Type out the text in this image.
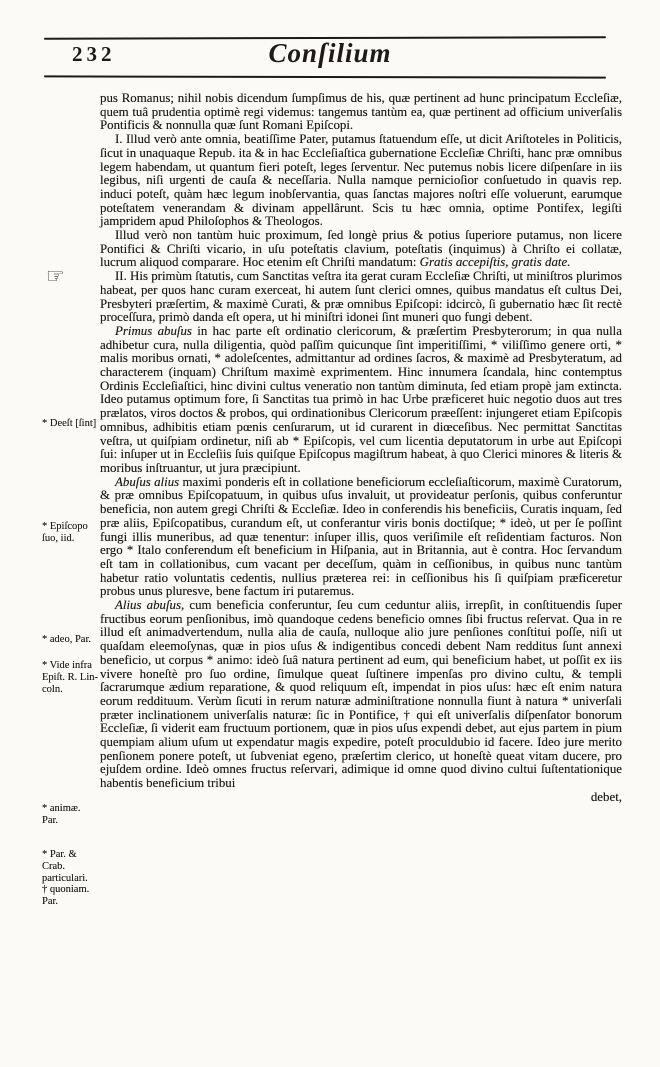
232	Conſilium
☞
* Deeſt [ſint]
* Epiſcopo
ſuo, iid.
* adeo, Par.
* Vide infra
Epiſt. R. Lin-
coln.
* animæ.
Par.
* Par. & Crab.
particulari.
† quoniam.
Par.

pus Romanus; nihil nobis dicendum ſumpſimus de his, quæ pertinent ad hunc principatum Eccleſiæ, quem tuâ prudentia optimè regi videmus: tangemus tantùm ea, quæ pertinent ad officium univerſalis Pontificis & nonnulla quæ ſunt Romani Epiſcopi.

I. Illud verò ante omnia, beatiſſime Pater, putamus ſtatuendum eſſe, ut dicit Ariſtoteles in Politicis, ſicut in unaquaque Repub. ita & in hac Eccleſiaſtica gubernatione Eccleſiæ Chriſti, hanc præ omnibus legem habendam, ut quantum fieri poteſt, leges ſerventur. Nec putemus nobis licere diſpenſare in iis legibus, niſi urgenti de cauſa & neceſſaria. Nulla namque pernicioſior conſuetudo in quavis rep. induci poteſt, quàm hæc legum inobſervantia, quas ſanctas majores noſtri eſſe voluerunt, earumque poteſtatem venerandam & divinam appellârunt. Scis tu hæc omnia, optime Pontifex, legiſti jampridem apud Philoſophos & Theologos.

Illud verò non tantùm huic proximum, ſed longè prius & potius ſuperiore putamus, non licere Pontifici & Chriſti vicario, in uſu poteſtatis clavium, poteſtatis (inquimus) à Chriſto ei collatæ, lucrum aliquod comparare. Hoc etenim eſt Chriſti mandatum: Gratis accepiſtis, gratis date.

II. His primùm ſtatutis, cum Sanctitas veſtra ita gerat curam Eccleſiæ Chriſti, ut miniſtros plurimos habeat, per quos hanc curam exerceat, hi autem ſunt clerici omnes, quibus mandatus eſt cultus Dei, Presbyteri præſertim, & maximè Curati, & præ omnibus Epiſcopi: idcircò, ſi gubernatio hæc ſit rectè proceſſura, primò danda eſt opera, ut hi miniſtri idonei ſint muneri quo fungi debent.

Primus abuſus in hac parte eſt ordinatio clericorum, & præſertim Presbyterorum; in qua nulla adhibetur cura, nulla diligentia, quòd paſſim quicunque ſint imperitiſſimi, * viliſſimo genere orti, * malis moribus ornati, * adoleſcentes, admittantur ad ordines ſacros, & maximè ad Presbyteratum, ad characterem (inquam) Chriſtum maximè exprimentem. Hinc innumera ſcandala, hinc contemptus Ordinis Eccleſiaſtici, hinc divini cultus veneratio non tantùm diminuta, ſed etiam propè jam extincta. Ideo putamus optimum fore, ſi Sanctitas tua primò in hac Urbe præficeret huic negotio duos aut tres prælatos, viros doctos & probos, qui ordinationibus Clericorum præeſſent: injungeret etiam Epiſcopis omnibus, adhibitis etiam pœnis cenſurarum, ut id curarent in diœceſibus. Nec permittat Sanctitas veſtra, ut quiſpiam ordinetur, niſi ab * Epiſcopis, vel cum licentia deputatorum in urbe aut Epiſcopi ſui: inſuper ut in Eccleſiis ſuis quiſque Epiſcopus magiſtrum habeat, à quo Clerici minores & literis & moribus inſtruantur, ut jura præcipiunt.

Abuſus alius maximi ponderis eſt in collatione beneficiorum eccleſiaſticorum, maximè Curatorum, & præ omnibus Epiſcopatuum, in quibus uſus invaluit, ut provideatur perſonis, quibus conferuntur beneficia, non autem gregi Chriſti & Eccleſiæ. Ideo in conferendis his beneficiis, Curatis inquam, ſed præ aliis, Epiſcopatibus, curandum eſt, ut conferantur viris bonis doctiſque; * ideò, ut per ſe poſſint fungi illis muneribus, ad quæ tenentur: inſuper illis, quos veriſimile eſt reſidentiam facturos. Non ergo * Italo conferendum eſt beneficium in Hiſpania, aut in Britannia, aut è contra. Hoc ſervandum eſt tam in collationibus, cum vacant per deceſſum, quàm in ceſſionibus, in quibus nunc tantùm habetur ratio voluntatis cedentis, nullius præterea rei: in ceſſionibus his ſi quiſpiam præficeretur probus unus pluresve, bene factum iri putaremus.

Alius abuſus, cum beneficia conferuntur, ſeu cum ceduntur aliis, irrepſit, in conſtituendis ſuper fructibus eorum penſionibus, imò quandoque cedens beneficio omnes ſibi fructus reſervat. Qua in re illud eſt animadvertendum, nulla alia de cauſa, nulloque alio jure penſiones conſtitui poſſe, niſi ut quaſdam eleemoſynas, quæ in pios uſus & indigentibus concedi debent Nam redditus ſunt annexi beneficio, ut corpus * animo: ideò ſuâ natura pertinent ad eum, qui beneficium habet, ut poſſit ex iis vivere honeſtè pro ſuo ordine, ſimulque queat ſuſtinere impenſas pro divino cultu, & templi ſacrarumque ædium reparatione, & quod reliquum eſt, impendat in pios uſus: hæc eſt enim natura eorum reddituum. Verùm ſicuti in rerum naturæ adminiſtratione nonnulla fiunt à natura * univerſali præter inclinationem univerſalis naturæ: ſic in Pontifice, † qui eſt univerſalis diſpenſator bonorum Eccleſiæ, ſi viderit eam fructuum portionem, quæ in pios uſus expendi debet, aut ejus partem in pium quempiam alium uſum ut expendatur magis expedire, poteſt proculdubio id facere. Ideo jure merito penſionem ponere poteſt, ut ſubveniat egeno, præſertim clerico, ut honeſtè queat vitam ducere, pro ejuſdem ordine. Ideò omnes fructus reſervari, adimique id omne quod divino cultui ſuſtentationique habentis beneficium tribui

debet,
